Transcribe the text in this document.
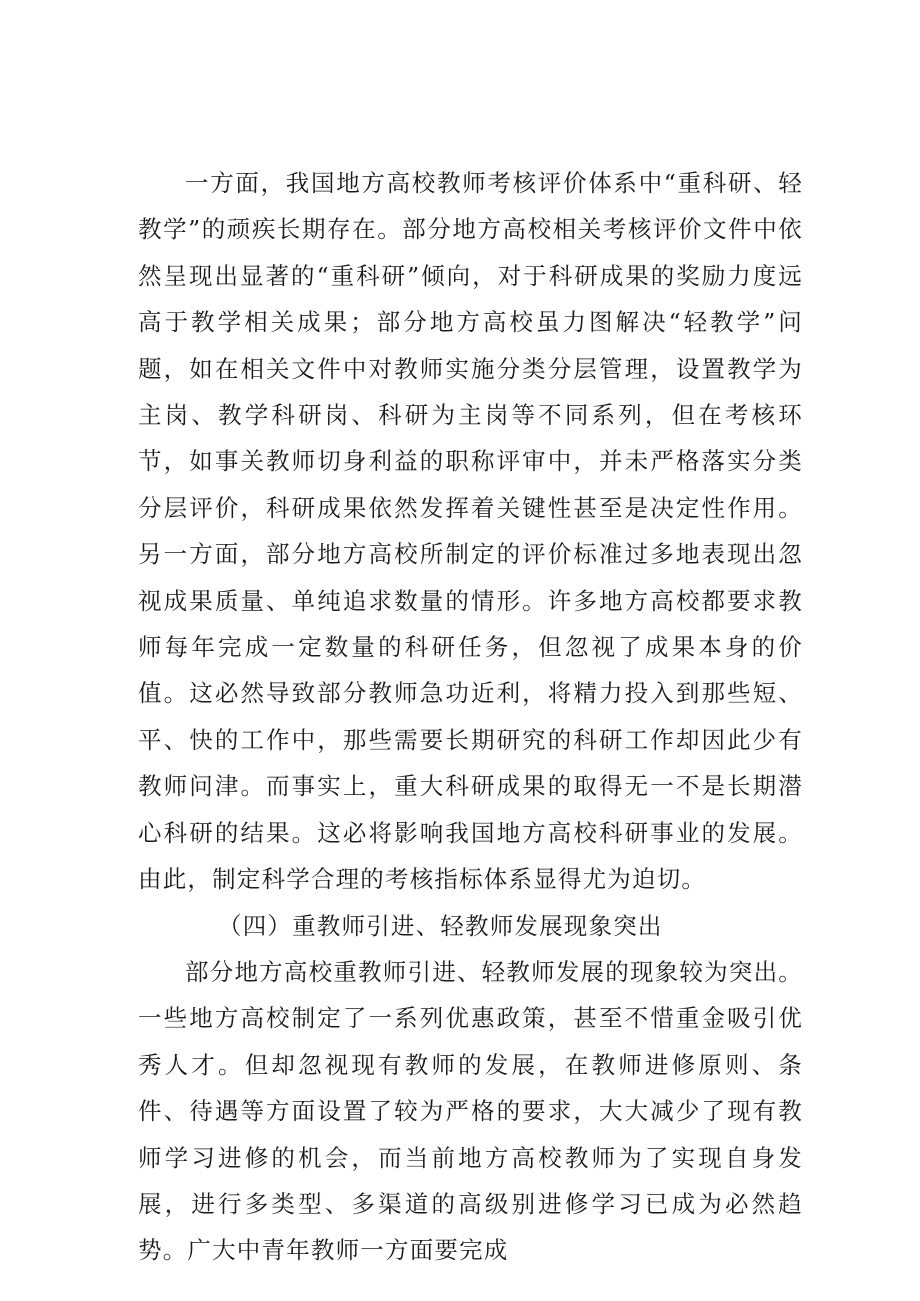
一方面，我国地方高校教师考核评价体系中“重科研、轻教学”的顽疾长期存在。部分地方高校相关考核评价文件中依然呈现出显著的“重科研”倾向，对于科研成果的奖励力度远高于教学相关成果；部分地方高校虽力图解决“轻教学”问题，如在相关文件中对教师实施分类分层管理，设置教学为主岗、教学科研岗、科研为主岗等不同系列，但在考核环节，如事关教师切身利益的职称评审中，并未严格落实分类分层评价，科研成果依然发挥着关键性甚至是决定性作用。另一方面，部分地方高校所制定的评价标准过多地表现出忽视成果质量、单纯追求数量的情形。许多地方高校都要求教师每年完成一定数量的科研任务，但忽视了成果本身的价值。这必然导致部分教师急功近利，将精力投入到那些短、平、快的工作中，那些需要长期研究的科研工作却因此少有教师问津。而事实上，重大科研成果的取得无一不是长期潜心科研的结果。这必将影响我国地方高校科研事业的发展。由此，制定科学合理的考核指标体系显得尤为迫切。

（四）重教师引进、轻教师发展现象突出

部分地方高校重教师引进、轻教师发展的现象较为突出。一些地方高校制定了一系列优惠政策，甚至不惜重金吸引优秀人才。但却忽视现有教师的发展，在教师进修原则、条件、待遇等方面设置了较为严格的要求，大大减少了现有教师学习进修的机会，而当前地方高校教师为了实现自身发展，进行多类型、多渠道的高级别进修学习已成为必然趋势。广大中青年教师一方面要完成
